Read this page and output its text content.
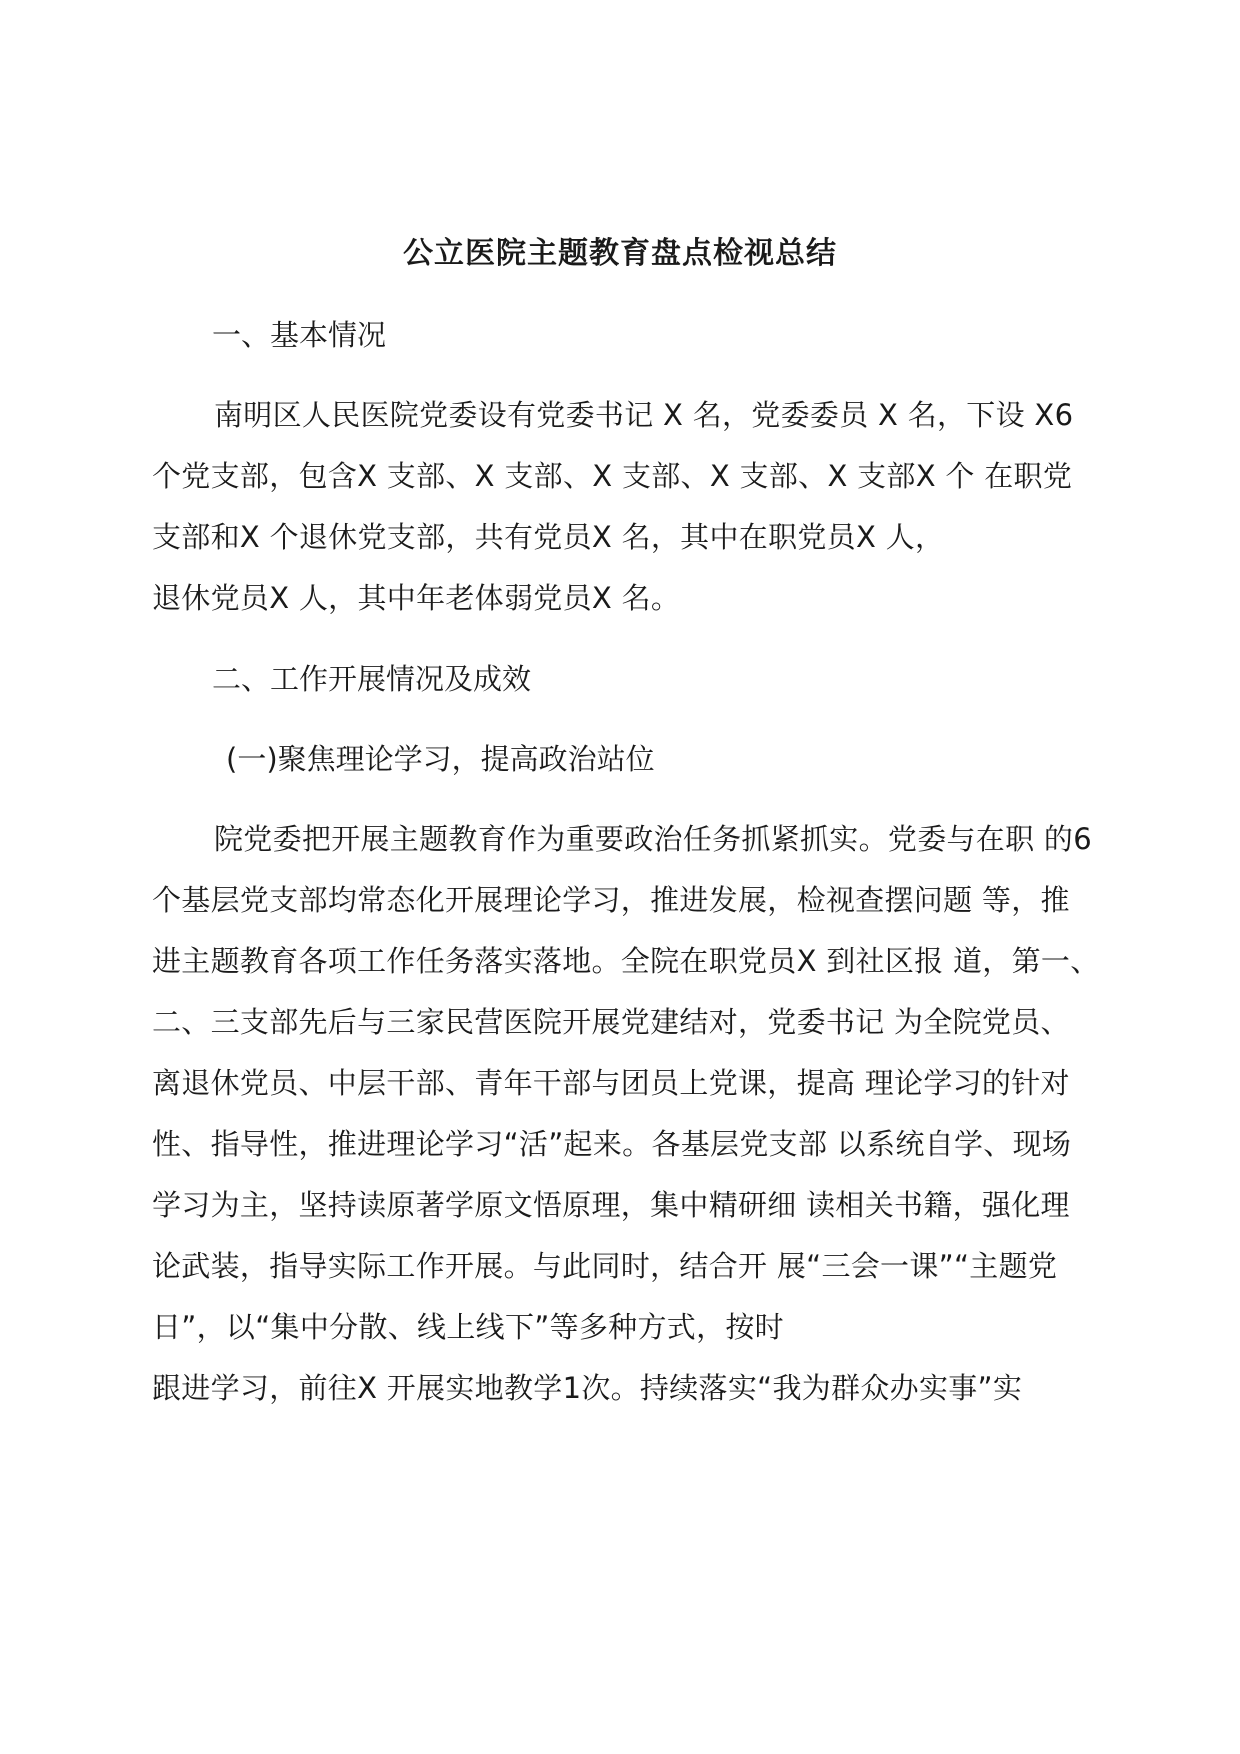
公立医院主题教育盘点检视总结
一、基本情况
南明区人民医院党委设有党委书记 X 名，党委委员 X 名，下设 X6
个党支部，包含X 支部、X 支部、X 支部、X 支部、X 支部X 个 在职党
支部和X 个退休党支部，共有党员X 名，其中在职党员X 人，
退休党员X 人，其中年老体弱党员X 名。
二、工作开展情况及成效
(一)聚焦理论学习，提高政治站位
院党委把开展主题教育作为重要政治任务抓紧抓实。党委与在职 的6
个基层党支部均常态化开展理论学习，推进发展，检视查摆问题 等，推
进主题教育各项工作任务落实落地。全院在职党员X 到社区报 道，第一、
二、三支部先后与三家民营医院开展党建结对，党委书记 为全院党员、
离退休党员、中层干部、青年干部与团员上党课，提高 理论学习的针对
性、指导性，推进理论学习“活”起来。各基层党支部 以系统自学、现场
学习为主，坚持读原著学原文悟原理，集中精研细 读相关书籍，强化理
论武装，指导实际工作开展。与此同时，结合开 展“三会一课”“主题党
日”，以“集中分散、线上线下”等多种方式，按时
跟进学习，前往X 开展实地教学1次。持续落实“我为群众办实事”实
